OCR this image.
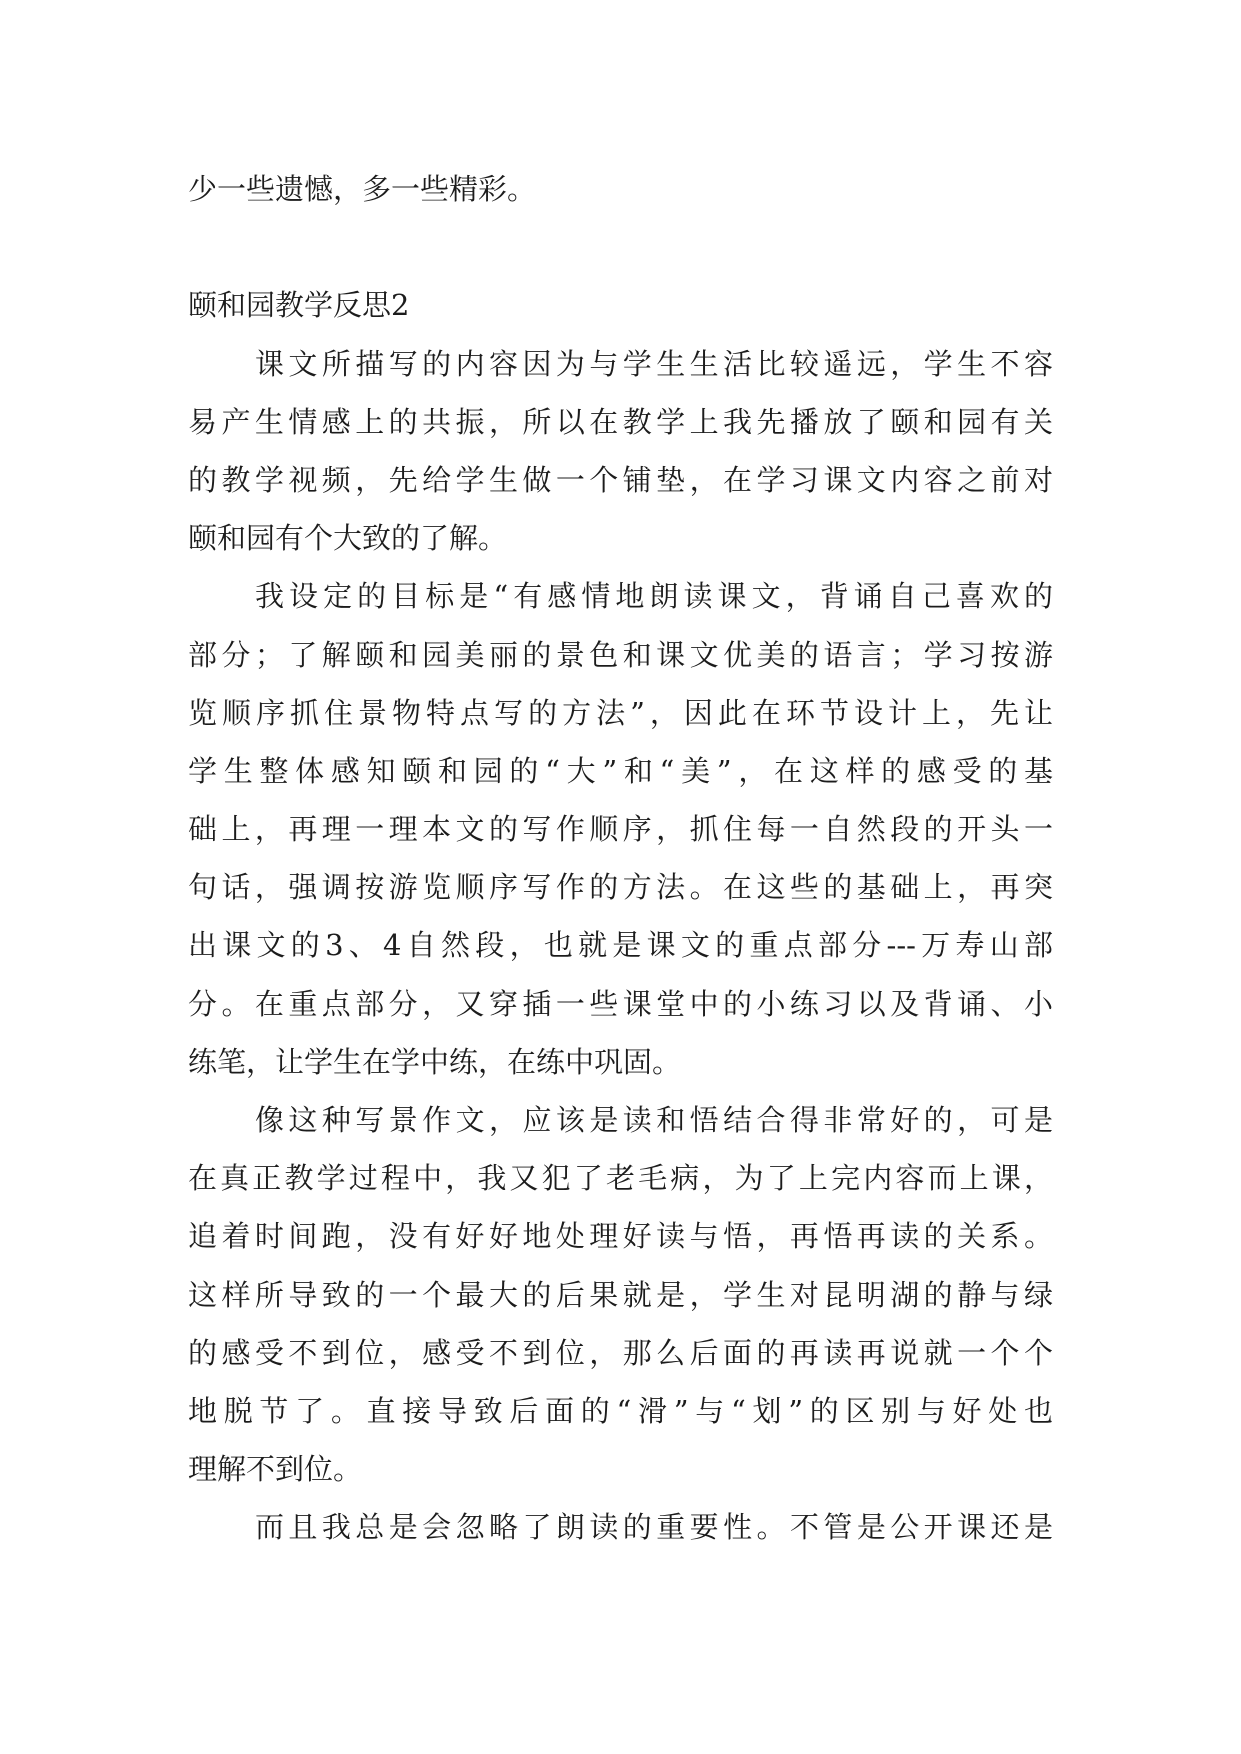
少一些遗憾，多一些精彩。
颐和园教学反思2
课文所描写的内容因为与学生生活比较遥远，学生不容
易产生情感上的共振，所以在教学上我先播放了颐和园有关
的教学视频，先给学生做一个铺垫，在学习课文内容之前对
颐和园有个大致的了解。
我设定的目标是“有感情地朗读课文，背诵自己喜欢的
部分；了解颐和园美丽的景色和课文优美的语言；学习按游
览顺序抓住景物特点写的方法”，因此在环节设计上，先让
学生整体感知颐和园的“大”和“美”，在这样的感受的基
础上，再理一理本文的写作顺序，抓住每一自然段的开头一
句话，强调按游览顺序写作的方法。在这些的基础上，再突
出课文的3、4自然段，也就是课文的重点部分---万寿山部
分。在重点部分，又穿插一些课堂中的小练习以及背诵、小
练笔，让学生在学中练，在练中巩固。
像这种写景作文，应该是读和悟结合得非常好的，可是
在真正教学过程中，我又犯了老毛病，为了上完内容而上课，
追着时间跑，没有好好地处理好读与悟，再悟再读的关系。
这样所导致的一个最大的后果就是，学生对昆明湖的静与绿
的感受不到位，感受不到位，那么后面的再读再说就一个个
地脱节了。直接导致后面的“滑”与“划”的区别与好处也
理解不到位。
而且我总是会忽略了朗读的重要性。不管是公开课还是
